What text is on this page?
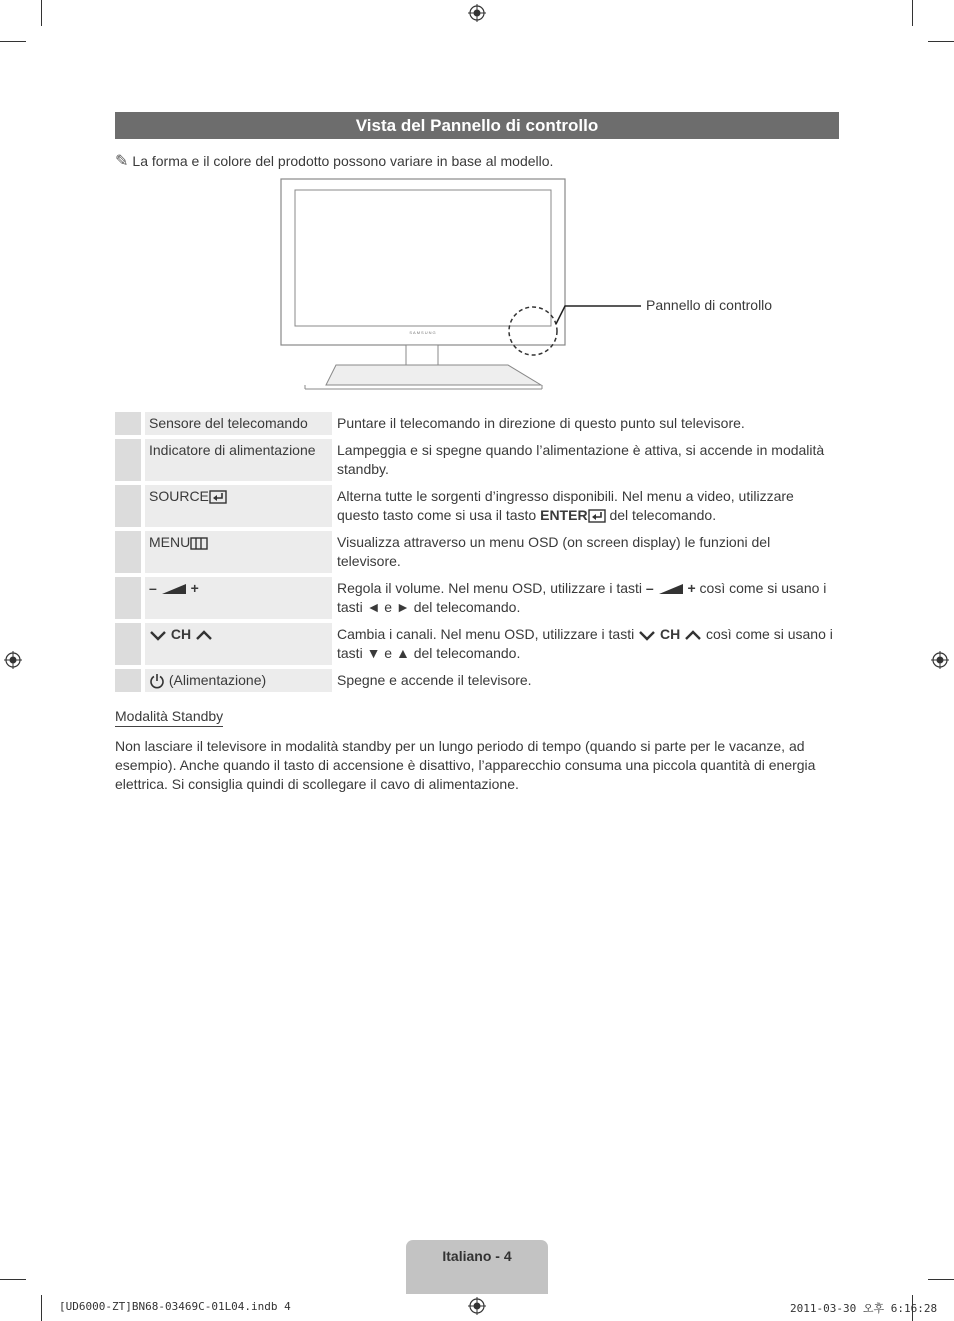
Vista del Pannello di controllo
✎ La forma e il colore del prodotto possono variare in base al modello.
SAMSUNG
Pannello di controllo
	Sensore del telecomando	Puntare il telecomando in direzione di questo punto sul televisore.
	Indicatore di alimentazione	Lampeggia e si spegne quando l’alimentazione è attiva, si accende in modalità standby.
	SOURCE	Alterna tutte le sorgenti d’ingresso disponibili. Nel menu a video, utilizzare questo tasto come si usa il tasto ENTER del telecomando.
	MENU	Visualizza attraverso un menu OSD (on screen display) le funzioni del televisore.
	– +	Regola il volume. Nel menu OSD, utilizzare i tasti – + così come si usano i tasti ◄ e ► del telecomando.
	CH	Cambia i canali. Nel menu OSD, utilizzare i tasti  CH  così come si usano i tasti ▼ e ▲ del telecomando.
	(Alimentazione)	Spegne e accende il televisore.
Modalità Standby
Non lasciare il televisore in modalità standby per un lungo periodo di tempo (quando si parte per le vacanze, ad esempio). Anche quando il tasto di accensione è disattivo, l’apparecchio consuma una piccola quantità di energia elettrica. Si consiglia quindi di scollegare il cavo di alimentazione.
Italiano - 4
[UD6000-ZT]BN68-03469C-01L04.indb 4	2011-03-30 오후 6:16:28
